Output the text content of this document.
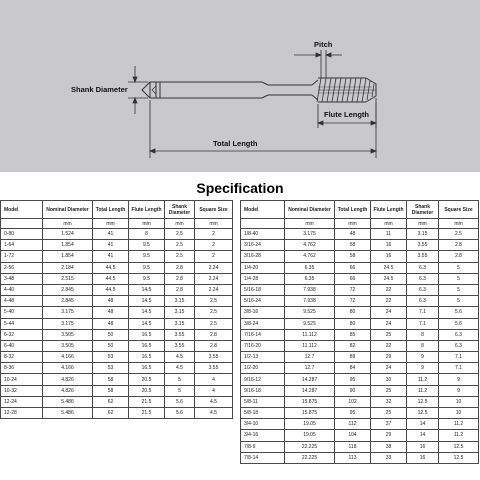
Pitch
Shank Diameter
Flute Length
Total Length
Specification
Model	Nominal Diameter	Total Length	Flute Length	Shank Diameter	Square Size
	mm	mm	mm	mm	mm
0-80	1.524	41	8	2.5	2
1-64	1.854	41	9.5	2.5	2
1-72	1.854	41	9.5	2.5	2
2-56	2.184	44.5	9.5	2.8	2.24
3-48	2.515	44.5	9.5	2.8	2.24
4-40	2.845	44.5	14.5	2.8	2.24
4-48	2.845	48	14.5	3.15	2.5
5-40	3.175	48	14.5	3.15	2.5
5-44	3.175	48	14.5	3.15	2.5
6-32	3.505	50	16.5	3.55	2.8
6-40	3.505	50	16.5	3.55	2.8
8-32	4.166	53	16.5	4.5	3.55
8-36	4.166	53	16.5	4.5	3.55
10-24	4.826	58	20.5	5	4
10-32	4.826	58	20.5	5	4
12-24	5.486	62	21.5	5.6	4.5
12-28	5.486	62	21.5	5.6	4.5
Model	Nominal Diameter	Total Length	Flute Length	Shank Diameter	Square Size
	mm	mm	mm	mm	mm
1/8-40	3.175	48	11	3.15	2.5
3/16-24	4.762	58	16	3.55	2.8
3/16-28	4.762	58	16	3.55	2.8
1/4-20	6.35	66	24.5	6.3	5
1/4-28	6.35	66	24.5	6.3	5
5/16-18	7.938	72	22	6.3	5
5/16-24	7.938	72	22	6.3	5
3/8-16	9.525	80	24	7.1	5.6
3/8-24	9.525	80	24	7.1	5.6
7/16-14	11.112	85	25	8	6.3
7/16-20	11.112	82	22	8	6.3
1/2-13	12.7	89	29	9	7.1
1/2-20	12.7	84	24	9	7.1
9/16-12	14.287	95	30	11.2	9
9/16-18	14.287	90	25	11.2	9
5/8-11	15.875	102	32	12.5	10
5/8-18	15.875	95	25	12.5	10
3/4-10	19.05	112	37	14	11.2
3/4-16	19.05	104	29	14	11.2
7/8-9	22.225	118	38	16	12.5
7/8-14	22.225	113	33	16	12.5
